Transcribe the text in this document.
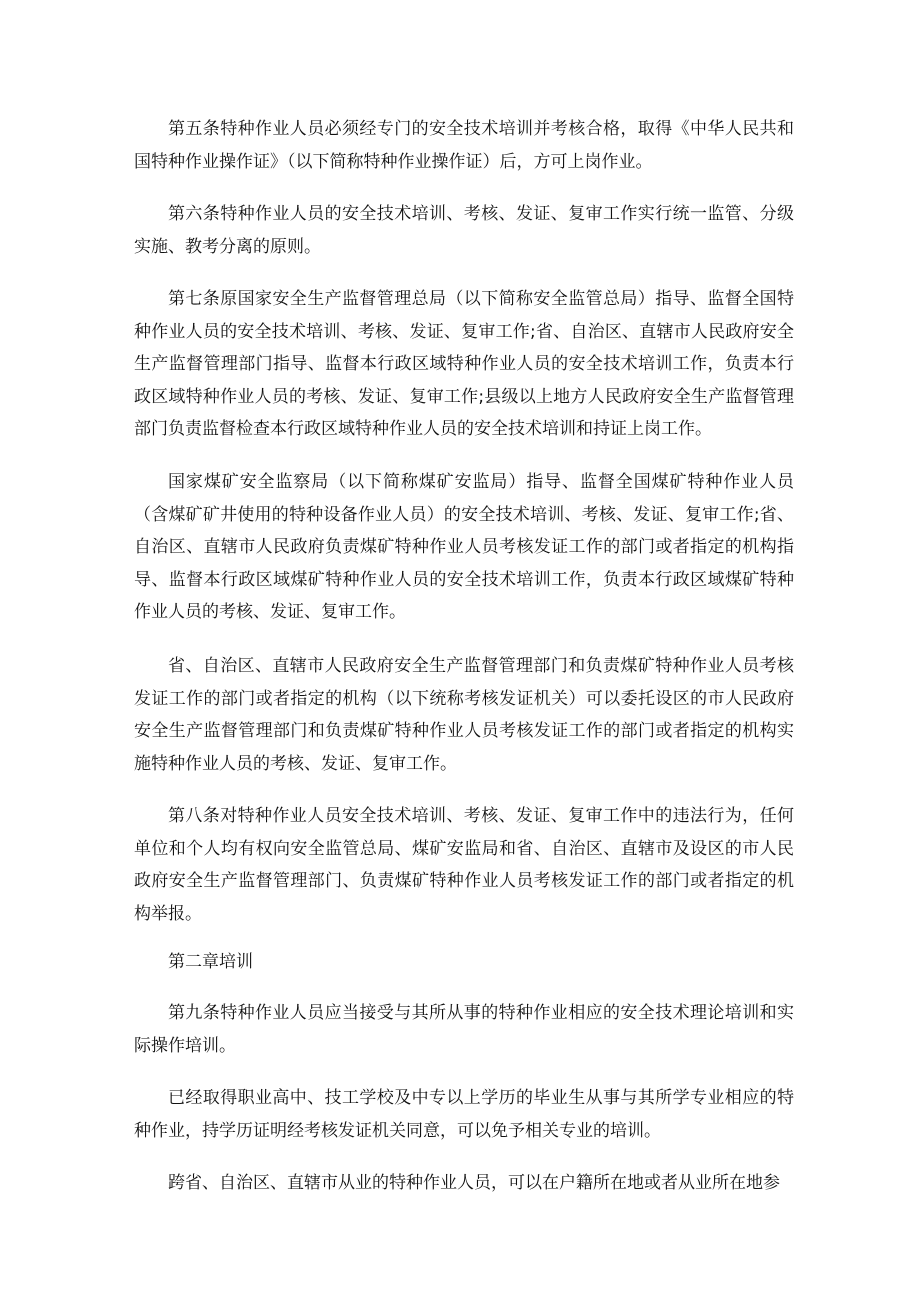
第五条特种作业人员必须经专门的安全技术培训并考核合格，取得《中华人民共和国特种作业操作证》（以下简称特种作业操作证）后，方可上岗作业。

第六条特种作业人员的安全技术培训、考核、发证、复审工作实行统一监管、分级实施、教考分离的原则。

第七条原国家安全生产监督管理总局（以下简称安全监管总局）指导、监督全国特种作业人员的安全技术培训、考核、发证、复审工作;省、自治区、直辖市人民政府安全生产监督管理部门指导、监督本行政区域特种作业人员的安全技术培训工作，负责本行政区域特种作业人员的考核、发证、复审工作;县级以上地方人民政府安全生产监督管理部门负责监督检查本行政区域特种作业人员的安全技术培训和持证上岗工作。

国家煤矿安全监察局（以下简称煤矿安监局）指导、监督全国煤矿特种作业人员（含煤矿矿井使用的特种设备作业人员）的安全技术培训、考核、发证、复审工作;省、自治区、直辖市人民政府负责煤矿特种作业人员考核发证工作的部门或者指定的机构指导、监督本行政区域煤矿特种作业人员的安全技术培训工作，负责本行政区域煤矿特种作业人员的考核、发证、复审工作。

省、自治区、直辖市人民政府安全生产监督管理部门和负责煤矿特种作业人员考核发证工作的部门或者指定的机构（以下统称考核发证机关）可以委托设区的市人民政府安全生产监督管理部门和负责煤矿特种作业人员考核发证工作的部门或者指定的机构实施特种作业人员的考核、发证、复审工作。

第八条对特种作业人员安全技术培训、考核、发证、复审工作中的违法行为，任何单位和个人均有权向安全监管总局、煤矿安监局和省、自治区、直辖市及设区的市人民政府安全生产监督管理部门、负责煤矿特种作业人员考核发证工作的部门或者指定的机构举报。

第二章培训

第九条特种作业人员应当接受与其所从事的特种作业相应的安全技术理论培训和实际操作培训。

已经取得职业高中、技工学校及中专以上学历的毕业生从事与其所学专业相应的特种作业，持学历证明经考核发证机关同意，可以免予相关专业的培训。

跨省、自治区、直辖市从业的特种作业人员，可以在户籍所在地或者从业所在地参
